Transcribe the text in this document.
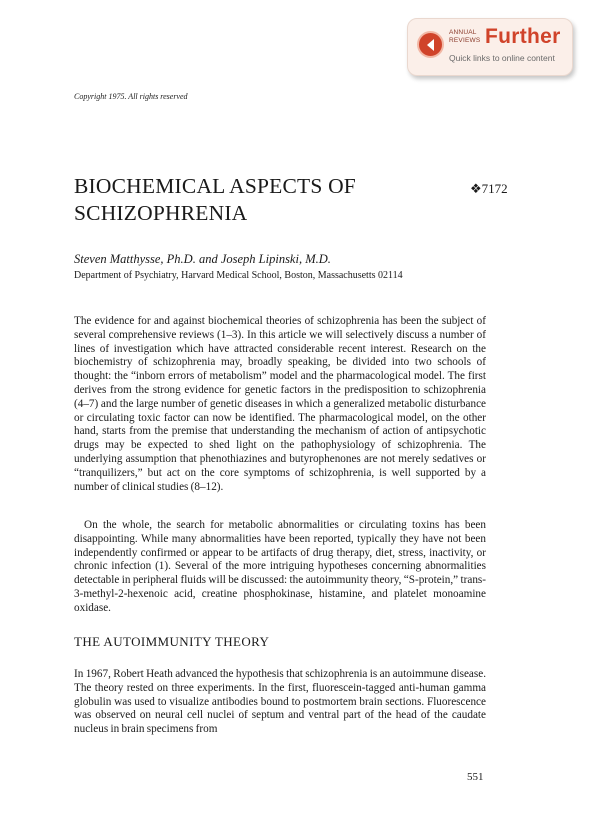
ANNUAL
REVIEWS Further
Quick links to online content
Copyright 1975. All rights reserved
BIOCHEMICAL ASPECTS OF SCHIZOPHRENIA
❖7172
Steven Matthysse, Ph.D. and Joseph Lipinski, M.D.
Department of Psychiatry, Harvard Medical School, Boston, Massachusetts 02114

The evidence for and against biochemical theories of schizophrenia has been the subject of several comprehensive reviews (1–3). In this article we will selectively discuss a number of lines of investigation which have attracted considerable recent interest. Research on the biochemistry of schizophrenia may, broadly speaking, be divided into two schools of thought: the “inborn errors of metabolism” model and the pharmacological model. The first derives from the strong evidence for genetic factors in the predisposition to schizophrenia (4–7) and the large number of genetic diseases in which a generalized metabolic disturbance or circulating toxic factor can now be identified. The pharmacological model, on the other hand, starts from the premise that understanding the mechanism of action of antipsychotic drugs may be expected to shed light on the pathophysiology of schizophrenia. The underlying assumption that phenothiazines and butyrophenones are not merely sedatives or “tranquilizers,” but act on the core symptoms of schizophrenia, is well supported by a number of clinical studies (8–12).

On the whole, the search for metabolic abnormalities or circulating toxins has been disappointing. While many abnormalities have been reported, typically they have not been independently confirmed or appear to be artifacts of drug therapy, diet, stress, inactivity, or chronic infection (1). Several of the more intriguing hypotheses concerning abnormalities detectable in peripheral fluids will be discussed: the autoimmunity theory, “S-protein,” trans-3-methyl-2-hexenoic acid, creatine phosphokinase, histamine, and platelet monoamine oxidase.

THE AUTOIMMUNITY THEORY

In 1967, Robert Heath advanced the hypothesis that schizophrenia is an autoimmune disease. The theory rested on three experiments. In the first, fluorescein-tagged anti-human gamma globulin was used to visualize antibodies bound to postmortem brain sections. Fluorescence was observed on neural cell nuclei of septum and ventral part of the head of the caudate nucleus in brain specimens from

551
